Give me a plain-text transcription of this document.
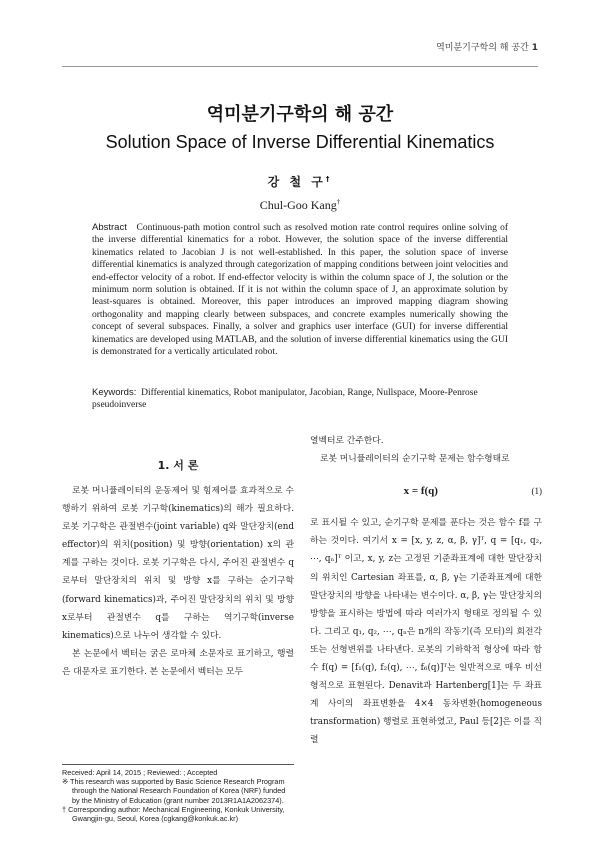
역미분기구학의 해 공간 1
역미분기구학의 해 공간
Solution Space of Inverse Differential Kinematics
강 철 구†
Chul-Goo Kang†

Abstract Continuous-path motion control such as resolved motion rate control requires online solving of the inverse differential kinematics for a robot. However, the solution space of the inverse differential kinematics related to Jacobian J is not well-established. In this paper, the solution space of inverse differential kinematics is analyzed through categorization of mapping conditions between joint velocities and end-effector velocity of a robot. If end-effector velocity is within the column space of J, the solution or the minimum norm solution is obtained. If it is not within the column space of J, an approximate solution by least-squares is obtained. Moreover, this paper introduces an improved mapping diagram showing orthogonality and mapping clearly between subspaces, and concrete examples numerically showing the concept of several subspaces. Finally, a solver and graphics user interface (GUI) for inverse differential kinematics are developed using MATLAB, and the solution of inverse differential kinematics using the GUI is demonstrated for a vertically articulated robot.

Keywords: Differential kinematics, Robot manipulator, Jacobian, Range, Nullspace, Moore-Penrose pseudoinverse

1. 서 론

로봇 머니퓰레이터의 운동제어 및 힘제어를 효과적으로 수행하기 위하여 로봇 기구학(kinematics)의 해가 필요하다. 로봇 기구학은 관절변수(joint variable) q와 말단장치(end effector)의 위치(position) 및 방향(orientation) x의 관계를 구하는 것이다. 로봇 기구학은 다시, 주어진 관절변수 q로부터 말단장치의 위치 및 방향 x를 구하는 순기구학(forward kinematics)과, 주어진 말단장치의 위치 및 방향 x로부터 관절변수 q를 구하는 역기구학(inverse kinematics)으로 나누어 생각할 수 있다.

본 논문에서 벡터는 굵은 로마체 소문자로 표기하고, 행렬은 대문자로 표기한다. 본 논문에서 벡터는 모두

열벡터로 간주한다.

로봇 머니퓰레이터의 순기구학 문제는 함수형태로

x = f(q)	(1)

로 표시될 수 있고, 순기구학 문제를 푼다는 것은 함수 f를 구하는 것이다. 여기서 x = [x, y, z, α, β, γ]ᵀ, q = [q₁, q₂, ⋯, qₙ]ᵀ 이고, x, y, z는 고정된 기준좌표계에 대한 말단장치의 위치인 Cartesian 좌표를, α, β, γ는 기준좌표계에 대한 말단장치의 방향을 나타내는 변수이다. α, β, γ는 말단장치의 방향을 표시하는 방법에 따라 여러가지 형태로 정의될 수 있다. 그리고 q₁, q₂, ⋯, qₙ은 n개의 작동기(즉 모터)의 회전각 또는 선형변위를 나타낸다. 로봇의 기하학적 형상에 따라 함수 f(q) = [f₁(q), f₂(q), ⋯, f₆(q)]ᵀ는 일반적으로 매우 비선형적으로 표현된다. Denavit과 Hartenberg[1]는 두 좌표계 사이의 좌표변환을 4×4 동차변환(homogeneous transformation) 행렬로 표현하였고, Paul 등[2]은 이를 직렬

Received: April 14, 2015 ; Reviewed: ; Accepted
※ This research was supported by Basic Science Research Program through the National Research Foundation of Korea (NRF) funded by the Ministry of Education (grant number 2013R1A1A2062374).
† Corresponding author: Mechanical Engineering, Konkuk University, Gwangjin-gu, Seoul, Korea (cgkang@konkuk.ac.kr)
